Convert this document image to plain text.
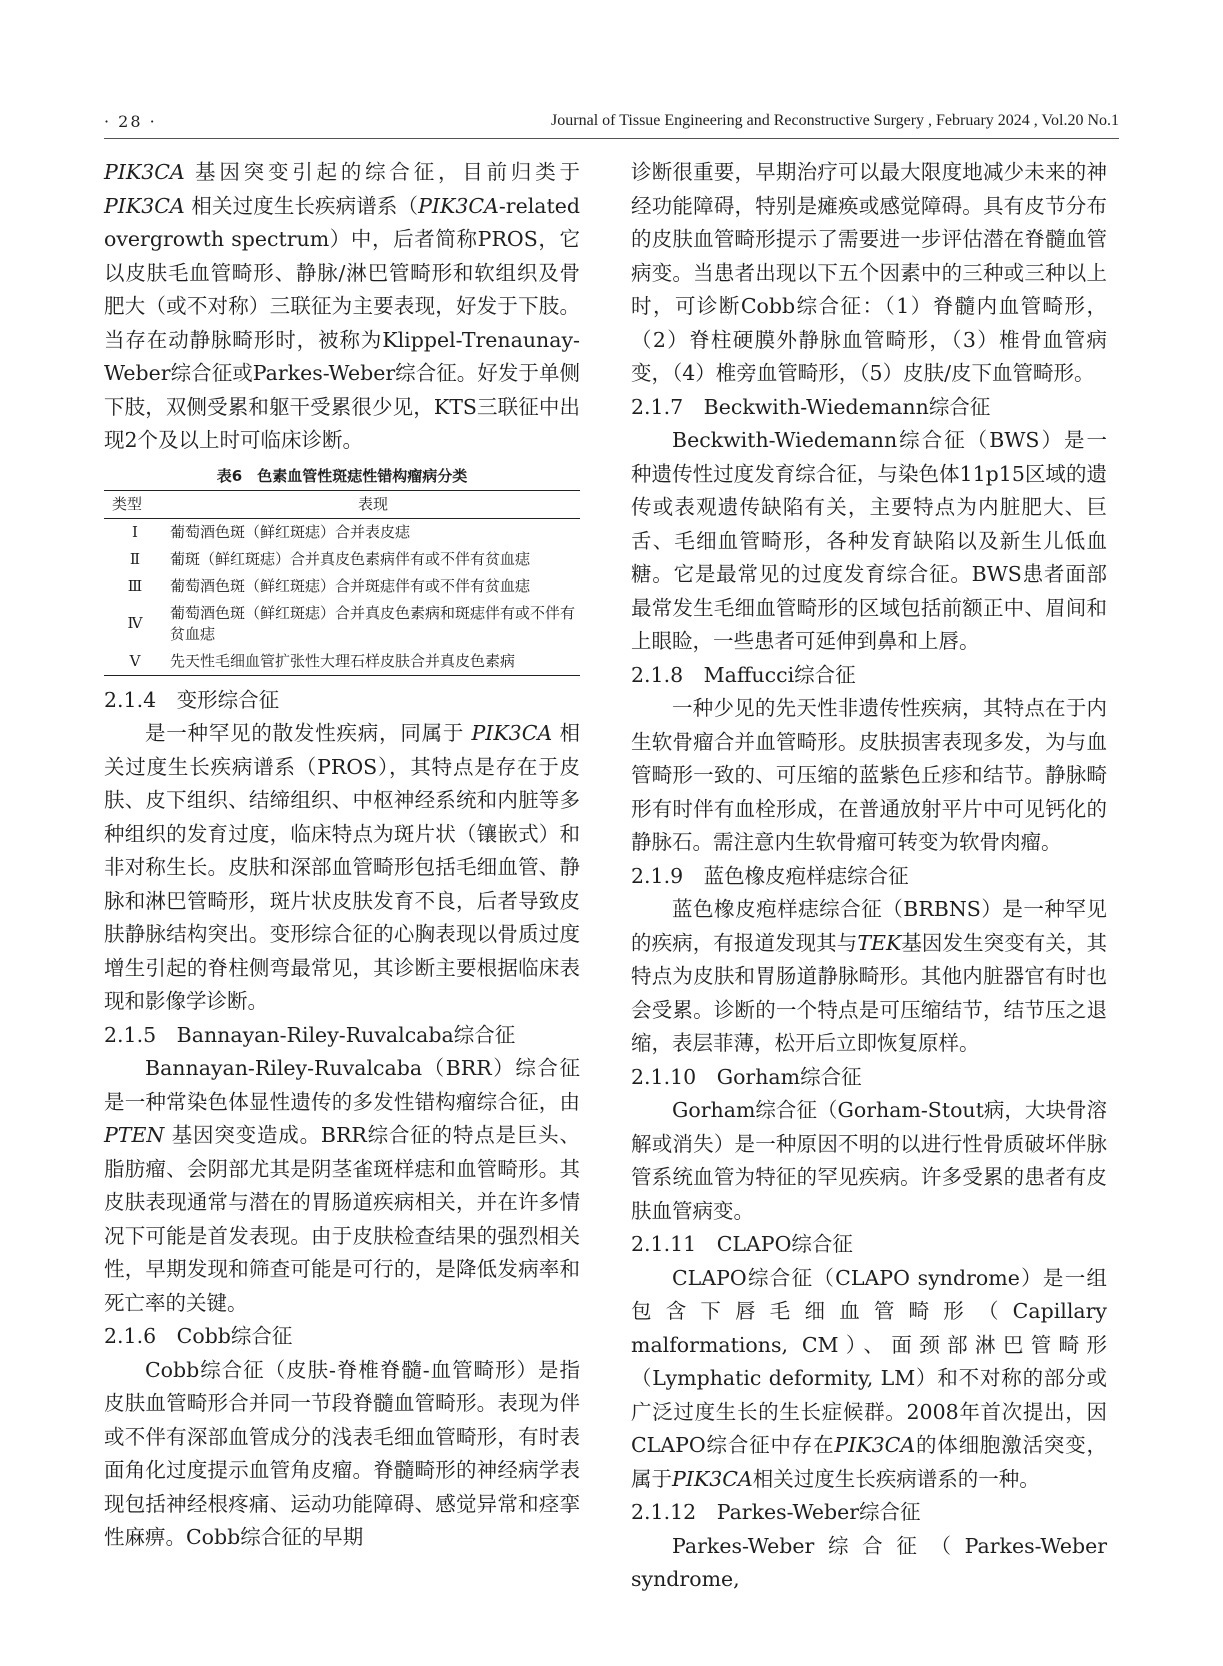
· 28 ·	Journal of Tissue Engineering and Reconstructive Surgery , February 2024 , Vol.20 No.1

PIK3CA 基因突变引起的综合征，目前归类于 PIK3CA 相关过度生长疾病谱系（PIK3CA-related overgrowth spectrum）中，后者简称PROS，它以皮肤毛血管畸形、静脉/淋巴管畸形和软组织及骨肥大（或不对称）三联征为主要表现，好发于下肢。当存在动静脉畸形时，被称为Klippel-Trenaunay-Weber综合征或Parkes-Weber综合征。好发于单侧下肢，双侧受累和躯干受累很少见，KTS三联征中出现2个及以上时可临床诊断。

表6　色素血管性斑痣性错构瘤病分类
类型	表现
Ⅰ	葡萄酒色斑（鲜红斑痣）合并表皮痣
Ⅱ	葡斑（鲜红斑痣）合并真皮色素病伴有或不伴有贫血痣
Ⅲ	葡萄酒色斑（鲜红斑痣）合并斑痣伴有或不伴有贫血痣
Ⅳ	葡萄酒色斑（鲜红斑痣）合并真皮色素病和斑痣伴有或不伴有贫血痣
Ⅴ	先天性毛细血管扩张性大理石样皮肤合并真皮色素病

2.1.4　变形综合征

是一种罕见的散发性疾病，同属于 PIK3CA 相关过度生长疾病谱系（PROS），其特点是存在于皮肤、皮下组织、结缔组织、中枢神经系统和内脏等多种组织的发育过度，临床特点为斑片状（镶嵌式）和非对称生长。皮肤和深部血管畸形包括毛细血管、静脉和淋巴管畸形，斑片状皮肤发育不良，后者导致皮肤静脉结构突出。变形综合征的心胸表现以骨质过度增生引起的脊柱侧弯最常见，其诊断主要根据临床表现和影像学诊断。

2.1.5　Bannayan-Riley-Ruvalcaba综合征

Bannayan-Riley-Ruvalcaba（BRR）综合征是一种常染色体显性遗传的多发性错构瘤综合征，由PTEN 基因突变造成。BRR综合征的特点是巨头、脂肪瘤、会阴部尤其是阴茎雀斑样痣和血管畸形。其皮肤表现通常与潜在的胃肠道疾病相关，并在许多情况下可能是首发表现。由于皮肤检查结果的强烈相关性，早期发现和筛查可能是可行的，是降低发病率和死亡率的关键。

2.1.6　Cobb综合征

Cobb综合征（皮肤-脊椎脊髓-血管畸形）是指皮肤血管畸形合并同一节段脊髓血管畸形。表现为伴或不伴有深部血管成分的浅表毛细血管畸形，有时表面角化过度提示血管角皮瘤。脊髓畸形的神经病学表现包括神经根疼痛、运动功能障碍、感觉异常和痉挛性麻痹。Cobb综合征的早期

诊断很重要，早期治疗可以最大限度地减少未来的神经功能障碍，特别是瘫痪或感觉障碍。具有皮节分布的皮肤血管畸形提示了需要进一步评估潜在脊髓血管病变。当患者出现以下五个因素中的三种或三种以上时，可诊断Cobb综合征：（1）脊髓内血管畸形，（2）脊柱硬膜外静脉血管畸形，（3）椎骨血管病变，（4）椎旁血管畸形，（5）皮肤/皮下血管畸形。

2.1.7　Beckwith-Wiedemann综合征

Beckwith-Wiedemann综合征（BWS）是一种遗传性过度发育综合征，与染色体11p15区域的遗传或表观遗传缺陷有关，主要特点为内脏肥大、巨舌、毛细血管畸形，各种发育缺陷以及新生儿低血糖。它是最常见的过度发育综合征。BWS患者面部最常发生毛细血管畸形的区域包括前额正中、眉间和上眼睑，一些患者可延伸到鼻和上唇。

2.1.8　Maffucci综合征

一种少见的先天性非遗传性疾病，其特点在于内生软骨瘤合并血管畸形。皮肤损害表现多发，为与血管畸形一致的、可压缩的蓝紫色丘疹和结节。静脉畸形有时伴有血栓形成，在普通放射平片中可见钙化的静脉石。需注意内生软骨瘤可转变为软骨肉瘤。

2.1.9　蓝色橡皮疱样痣综合征

蓝色橡皮疱样痣综合征（BRBNS）是一种罕见的疾病，有报道发现其与TEK基因发生突变有关，其特点为皮肤和胃肠道静脉畸形。其他内脏器官有时也会受累。诊断的一个特点是可压缩结节，结节压之退缩，表层菲薄，松开后立即恢复原样。

2.1.10　Gorham综合征

Gorham综合征（Gorham-Stout病，大块骨溶解或消失）是一种原因不明的以进行性骨质破坏伴脉管系统血管为特征的罕见疾病。许多受累的患者有皮肤血管病变。

2.1.11　CLAPO综合征

CLAPO综合征（CLAPO syndrome）是一组包含下唇毛细血管畸形（Capillary malformations, CM）、面颈部淋巴管畸形（Lymphatic deformity, LM）和不对称的部分或广泛过度生长的生长症候群。2008年首次提出，因CLAPO综合征中存在PIK3CA的体细胞激活突变，属于PIK3CA相关过度生长疾病谱系的一种。

2.1.12　Parkes-Weber综合征

Parkes-Weber综合征（Parkes-Weber syndrome,
